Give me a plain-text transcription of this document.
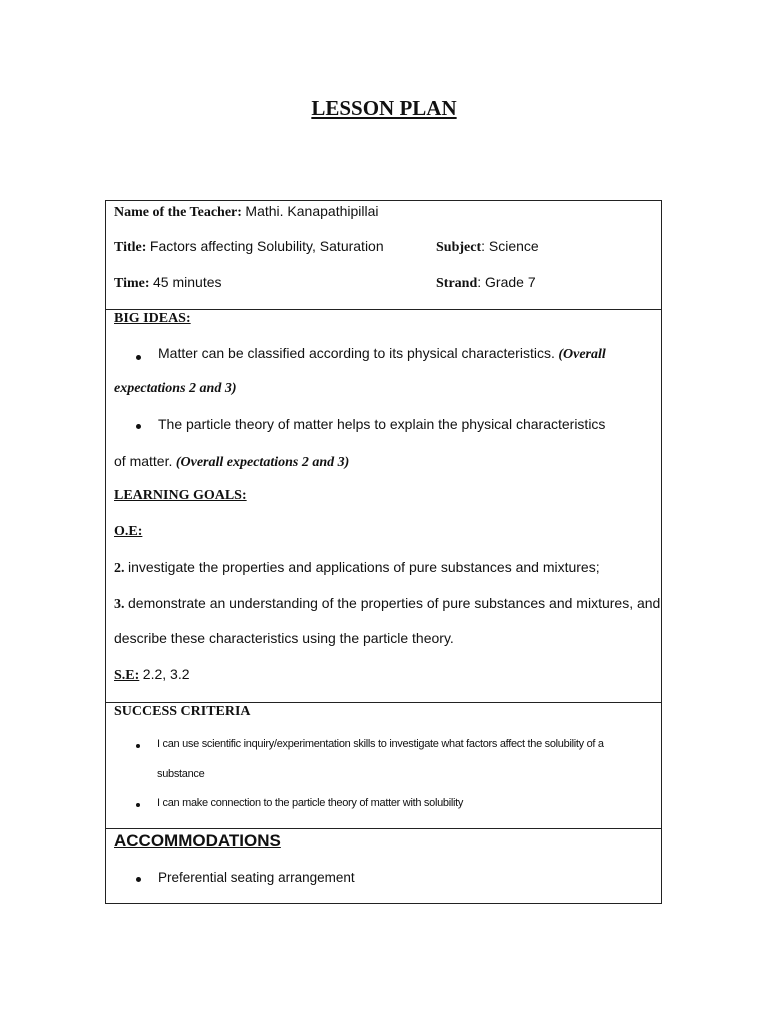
LESSON PLAN
Name of the Teacher: Mathi. Kanapathipillai
Title: Factors affecting Solubility, Saturation	Subject: Science
Time: 45 minutes	Strand: Grade 7
BIG IDEAS:
Matter can be classified according to its physical characteristics. (Overall
expectations 2 and 3)
The particle theory of matter helps to explain the physical characteristics
of matter. (Overall expectations 2 and 3)
LEARNING GOALS:
O.E:
2. investigate the properties and applications of pure substances and mixtures;
3. demonstrate an understanding of the properties of pure substances and mixtures, and
describe these characteristics using the particle theory.
S.E: 2.2, 3.2
SUCCESS CRITERIA
I can use scientific inquiry/experimentation skills to investigate what factors affect the solubility of a
substance
I can make connection to the particle theory of matter with solubility
ACCOMMODATIONS
Preferential seating arrangement
